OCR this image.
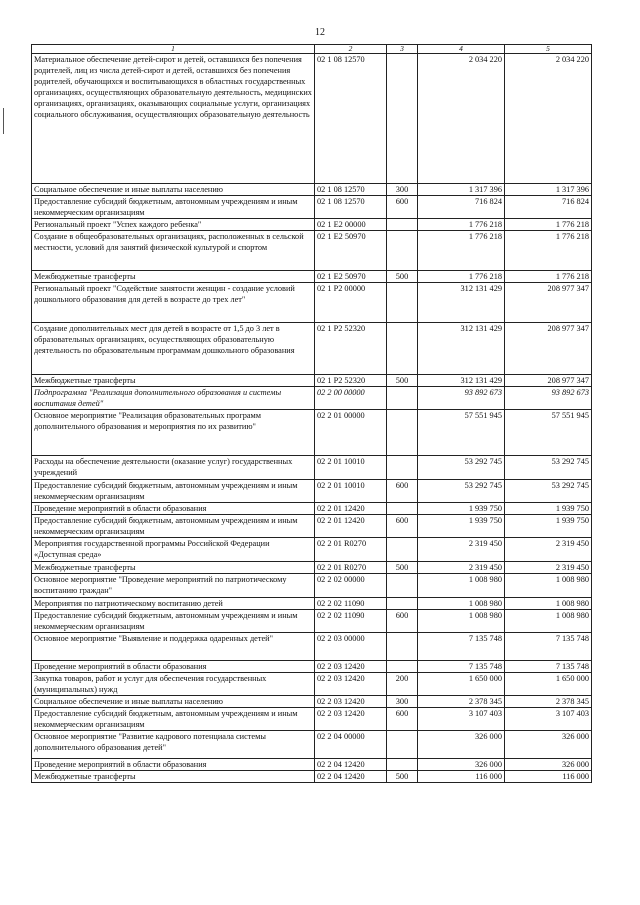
12
1	2	3	4	5
Материальное обеспечение детей-сирот и детей, оставшихся без попечения родителей, лиц из числа детей-сирот и детей, оставшихся без попечения родителей, обучающихся и воспитывающихся в областных государственных организациях, осуществляющих образовательную деятельность, медицинских организациях, организациях, оказывающих социальные услуги, организациях социального обслуживания, осуществляющих образовательную деятельность	02 1 08 12570		2 034 220	2 034 220
Социальное обеспечение и иные выплаты населению	02 1 08 12570	300	1 317 396	1 317 396
Предоставление субсидий бюджетным, автономным учреждениям и иным некоммерческим организациям	02 1 08 12570	600	716 824	716 824
Региональный проект "Успех каждого ребенка"	02 1 E2 00000		1 776 218	1 776 218
Создание в общеобразовательных организациях, расположенных в сельской местности, условий для занятий физической культурой и спортом	02 1 E2 50970		1 776 218	1 776 218
Межбюджетные трансферты	02 1 E2 50970	500	1 776 218	1 776 218
Региональный проект "Содействие занятости женщин - создание условий дошкольного образования для детей в возрасте до трех лет"	02 1 P2 00000		312 131 429	208 977 347
Создание дополнительных мест для детей в возрасте от 1,5 до 3 лет в образовательных организациях, осуществляющих образовательную деятельность по образовательным программам дошкольного образования	02 1 P2 52320		312 131 429	208 977 347
Межбюджетные трансферты	02 1 P2 52320	500	312 131 429	208 977 347
Подпрограмма "Реализация дополнительного образования и системы воспитания детей"	02 2 00 00000		93 892 673	93 892 673
Основное мероприятие "Реализация образовательных программ дополнительного образования и мероприятия по их развитию"	02 2 01 00000		57 551 945	57 551 945
Расходы на обеспечение деятельности (оказание услуг) государственных учреждений	02 2 01 10010		53 292 745	53 292 745
Предоставление субсидий бюджетным, автономным учреждениям и иным некоммерческим организациям	02 2 01 10010	600	53 292 745	53 292 745
Проведение мероприятий в области образования	02 2 01 12420		1 939 750	1 939 750
Предоставление субсидий бюджетным, автономным учреждениям и иным некоммерческим организациям	02 2 01 12420	600	1 939 750	1 939 750
Мероприятия государственной программы Российской Федерации «Доступная среда»	02 2 01 R0270		2 319 450	2 319 450
Межбюджетные трансферты	02 2 01 R0270	500	2 319 450	2 319 450
Основное мероприятие "Проведение мероприятий по патриотическому воспитанию граждан"	02 2 02 00000		1 008 980	1 008 980
Мероприятия по патриотическому воспитанию детей	02 2 02 11090		1 008 980	1 008 980
Предоставление субсидий бюджетным, автономным учреждениям и иным некоммерческим организациям	02 2 02 11090	600	1 008 980	1 008 980
Основное мероприятие "Выявление и поддержка одаренных детей"	02 2 03 00000		7 135 748	7 135 748
Проведение мероприятий в области образования	02 2 03 12420		7 135 748	7 135 748
Закупка товаров, работ и услуг для обеспечения государственных (муниципальных) нужд	02 2 03 12420	200	1 650 000	1 650 000
Социальное обеспечение и иные выплаты населению	02 2 03 12420	300	2 378 345	2 378 345
Предоставление субсидий бюджетным, автономным учреждениям и иным некоммерческим организациям	02 2 03 12420	600	3 107 403	3 107 403
Основное мероприятие "Развитие кадрового потенциала системы дополнительного образования детей"	02 2 04 00000		326 000	326 000
Проведение мероприятий в области образования	02 2 04 12420		326 000	326 000
Межбюджетные трансферты	02 2 04 12420	500	116 000	116 000
